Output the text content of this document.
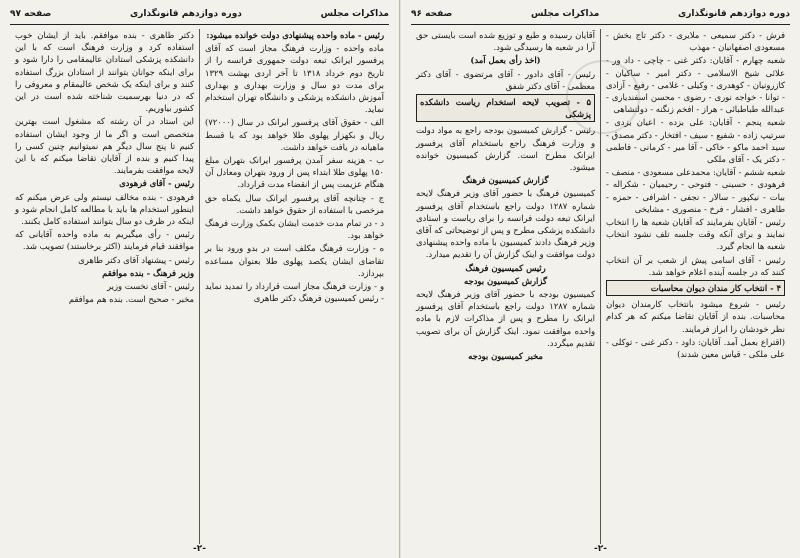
مذاکرات مجلس
دوره دوازدهم قانونگذاری
صفحه ۹۷

رئیس - ماده واحده پیشنهادی دولت خوانده میشود:

ماده واحده - وزارت فرهنگ مجاز است که آقای پرفسور ایرانک تبعه دولت جمهوری فرانسه را از تاریخ دوم خرداد ۱۳۱۸ تا آخر اردی بهشت ۱۳۲۹ برای مدت دو سال و وزارت بهداری و بهداری آموزش دانشکده پزشکی و دانشگاه تهران استخدام نماید.

الف - حقوق آقای پرفسور ایرانک در سال (۷۲۰۰۰) ریال و بکهزار پهلوی طلا خواهد بود که با قسط ماهیانه در یافت خواهد داشت.

ب - هزینه سفر آمدن پرفسور ایرانک بتهران مبلغ ۱۵۰ پهلوی طلا ابتداء پس از ورود بتهران ومعادل آن هنگام عزیمت پس از انقضاء مدت قرارداد.

ج - چنانچه آقای پرفسور ایرانک سال یکماه حق مرخصی با استفاده از حقوق خواهد داشت.

د - در تمام مدت خدمت ایشان بکمک وزارت فرهنگ خواهد بود.

ه - وزارت فرهنگ مکلف است در بدو ورود بنا بر تقاضای ایشان یکصد پهلوی طلا بعنوان مساعده بپردازد.

و - وزارت فرهنگ مجاز است قرارداد را تمدید نماید - رئیس کمیسیون فرهنگ دکتر طاهری

دکتر طاهری - بنده موافقم. باید از ایشان خوب استفاده کرد و وزارت فرهنگ است که با این دانشکده پزشکی استادان عالیمقامی را دارا شود و برای اینکه جوانان بتوانند از استادان بزرگ استفاده کنند و برای اینکه یک شخص عالیمقام و معروفی را که در دنیا بهرسمیت شناخته شده است در این کشور بیاوریم.

این استاد در آن رشته که مشغول است بهترین متخصص است و اگر ما از وجود ایشان استفاده کنیم تا پنج سال دیگر هم نمیتوانیم چنین کسی را پیدا کنیم و بنده از آقایان تقاضا میکنم که با این لایحه موافقت بفرمایند.

رئیس - آقای فرهودی

فرهودی - بنده مخالف نیستم ولی عرض میکنم که اینطور استخدام ها باید با مطالعه کامل انجام شود و اینکه در ظرف دو سال بتوانند استفاده کامل بکنند.

رئیس - رأی میگیریم به ماده واحده آقایانی که موافقند قیام فرمایند (اکثر برخاستند) تصویب شد.

رئیس - پیشنهاد آقای دکتر طاهری

وزیر فرهنگ - بنده موافقم

رئیس - آقای نخست وزیر

مخبر - صحیح است. بنده هم موافقم

-۲-
دوره دوازدهم قانونگذاری
مذاکرات مجلس
صفحه ۹۶

فرش - دکتر سمیعی - ملایری - دکتر تاج بخش - مسعودی اصفهانیان - مهذب

شعبه چهارم - آقایان: دکتر غنی - چاچی - داد ور - علائی شیخ الاسلامی - دکتر امیر - ساکیان - کازرونیان - کوهدری - وکیلی - غلامی - رفیع - آزادی - توانا - خواجه نوری - رضوی - محسن اسفندیاری - عبدالله طباطبائی - هراز - افخم زنگنه - دولتشاهی

شعبه پنجم - آقایان: علی بزده - اعیان یزدی - سرتیپ زاده - شفیع - سیف - افتخار - دکتر مصدق - سید احمد ماکو - خاکی - آقا میر - کرمانی - فاطمی - دکتر یک - آقای ملکی

شعبه ششم - آقایان: محمدعلی مسعودی - منصف - فرهودی - حسینی - فتوحی - رحیمیان - شکراله - بیات - نیکپور - سالار - نجفی - اشرافی - حمزه - طاهری - افشار - فرخ - منصوری - مشایخی

رئیس - آقایان بفرمایند که آقایان شعبه ها را انتخاب نمایند و برای آنکه وقت جلسه تلف نشود انتخاب شعبه ها انجام گیرد.

رئیس - آقای اسامی پیش از شعب بر آن انتخاب کنند که در جلسه آینده اعلام خواهد شد.

۴ - انتخاب کار مندان دیوان محاسبات

رئیس - شروع میشود بانتخاب کارمندان دیوان محاسبات. بنده از آقایان تقاضا میکنم که هر کدام نظر خودشان را ابراز فرمایند.

(اقتراع بعمل آمد. آقایان: داود - دکتر غنی - توکلی - علی ملکی - قیاس معین شدند)

آقایان رسیده و طبع و توزیع شده است بایستی حق آرا در شعبه ها رسیدگی شود.

(اخذ رأی بعمل آمد)

رئیس - آقای دادور - آقای مرتضوی - آقای دکتر معظمی - آقای دکتر شفق

۵ - تصویب لایحه استخدام ریاست دانشکده پزشکی

رئیس - گزارش کمیسیون بودجه راجع به مواد دولت و وزارت فرهنگ راجع باستخدام آقای پرفسور ایرانک مطرح است. گزارش کمیسیون خوانده میشود.

گزارش کمیسیون فرهنگ

کمیسیون فرهنگ با حضور آقای وزیر فرهنگ لایحه شماره ۱۲۸۷ دولت راجع باستخدام آقای پرفسور ایرانک تبعه دولت فرانسه را برای ریاست و استادی دانشکده پزشکی مطرح و پس از توضیحاتی که آقای وزیر فرهنگ دادند کمیسیون با ماده واحده پیشنهادی دولت موافقت و اینک گزارش آن را تقدیم میدارد.

رئیس کمیسیون فرهنگ

گزارش کمیسیون بودجه

کمیسیون بودجه با حضور آقای وزیر فرهنگ لایحه شماره ۱۲۸۷ دولت راجع باستخدام آقای پرفسور ایرانک را مطرح و پس از مذاکرات لازم با ماده واحده موافقت نمود. اینک گزارش آن برای تصویب تقدیم میگردد.

مخبر کمیسیون بودجه

-۲-
